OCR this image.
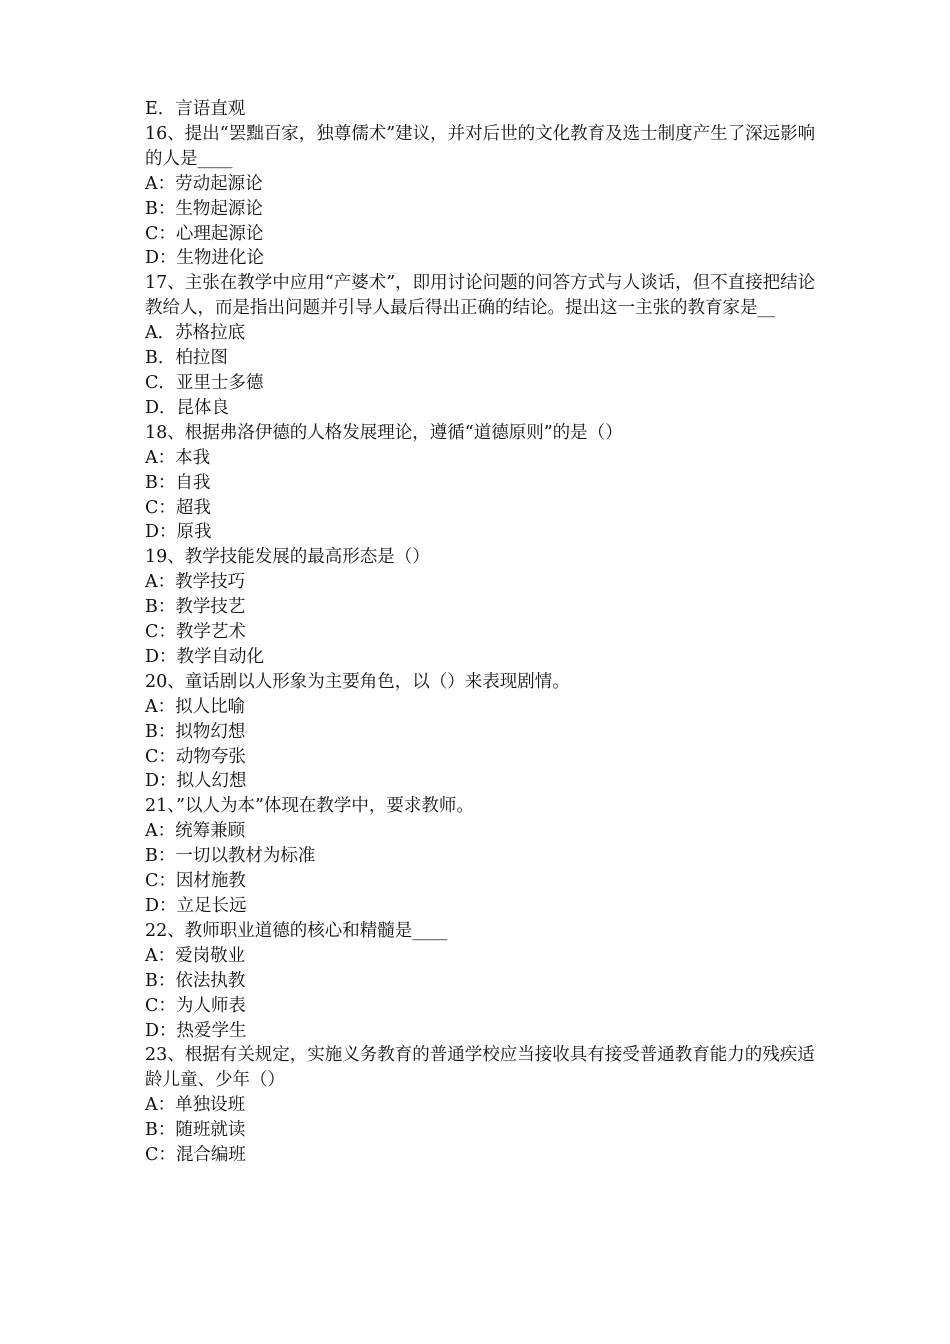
E．言语直观
16、提出“罢黜百家，独尊儒术”建议，并对后世的文化教育及选士制度产生了深远影响的人是____
A：劳动起源论
B：生物起源论
C：心理起源论
D：生物进化论
17、主张在教学中应用“产婆术”，即用讨论问题的问答方式与人谈话，但不直接把结论教给人，而是指出问题并引导人最后得出正确的结论。提出这一主张的教育家是__
A．苏格拉底
B．柏拉图
C．亚里士多德
D．昆体良
18、根据弗洛伊德的人格发展理论，遵循“道德原则”的是（）
A：本我
B：自我
C：超我
D：原我
19、教学技能发展的最高形态是（）
A：教学技巧
B：教学技艺
C：教学艺术
D：教学自动化
20、童话剧以人形象为主要角色，以（）来表现剧情。
A：拟人比喻
B：拟物幻想
C：动物夸张
D：拟人幻想
21、”以人为本”体现在教学中，要求教师。
A：统筹兼顾
B：一切以教材为标准
C：因材施教
D：立足长远
22、教师职业道德的核心和精髓是____
A：爱岗敬业
B：依法执教
C：为人师表
D：热爱学生
23、根据有关规定，实施义务教育的普通学校应当接收具有接受普通教育能力的残疾适龄儿童、少年（）
A：单独设班
B：随班就读
C：混合编班
